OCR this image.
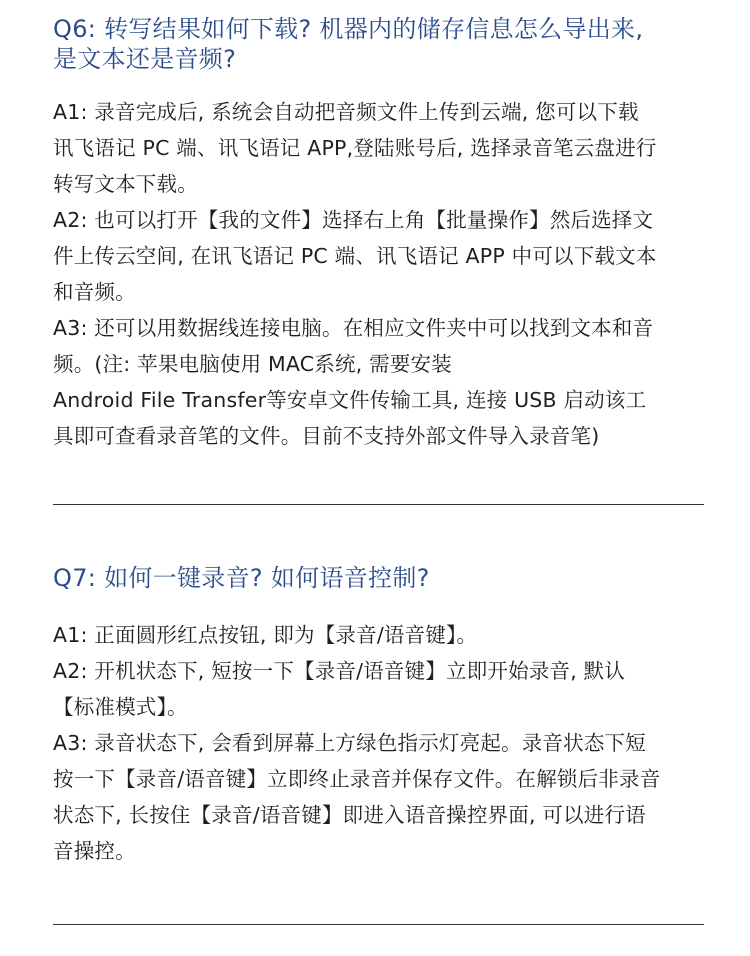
Q6: 转写结果如何下载? 机器内的储存信息怎么导出来,
是文本还是音频?
A1: 录音完成后, 系统会自动把音频文件上传到云端, 您可以下载
讯飞语记 PC 端、讯飞语记 APP,登陆账号后, 选择录音笔云盘进行
转写文本下载。
A2: 也可以打开【我的文件】选择右上角【批量操作】然后选择文
件上传云空间, 在讯飞语记 PC 端、讯飞语记 APP 中可以下载文本
和音频。
A3: 还可以用数据线连接电脑。在相应文件夹中可以找到文本和音
频。(注: 苹果电脑使用 MAC系统, 需要安装
Android File Transfer等安卓文件传输工具, 连接 USB 启动该工
具即可查看录音笔的文件。目前不支持外部文件导入录音笔)
Q7: 如何一键录音? 如何语音控制?
A1: 正面圆形红点按钮, 即为【录音/语音键】。
A2: 开机状态下, 短按一下【录音/语音键】立即开始录音, 默认
【标准模式】。
A3: 录音状态下, 会看到屏幕上方绿色指示灯亮起。录音状态下短
按一下【录音/语音键】立即终止录音并保存文件。在解锁后非录音
状态下, 长按住【录音/语音键】即进入语音操控界面, 可以进行语
音操控。
